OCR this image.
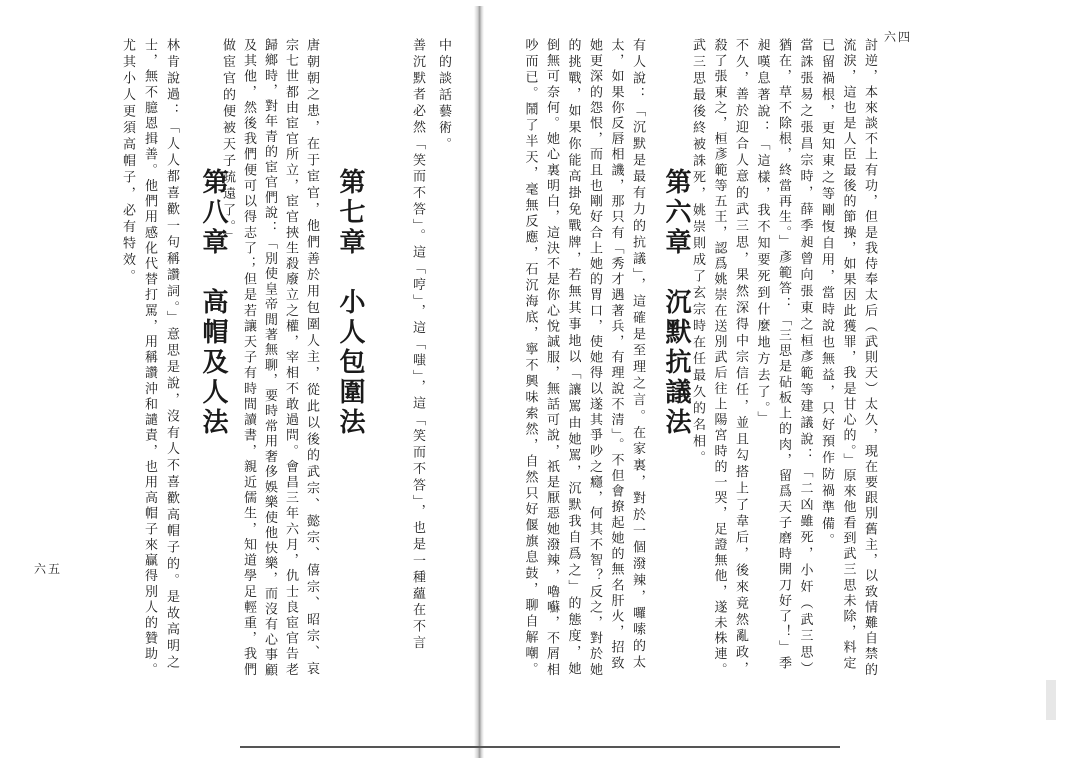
六四
討逆，本來談不上有功，但是我侍奉太后（武則天）太久，現在要跟別舊主，以致情難自禁的
流淚，這也是人臣最後的節操，如果因此獲罪，我是甘心的。」原來他看到武三思未除，料定
已留禍根，更知東之等剛愎自用，當時說也無益，只好預作防禍準備。
當誅張易之張昌宗時，薛季昶曾向張東之桓彥範等建議說：「二凶雖死，小奸（武三思）
猶在，草不除根，終當再生。」彥範答：「三思是砧板上的肉，留爲天子磨時開刀好了！」季
昶嘆息著說：「這樣，我不知要死到什麼地方去了。」
不久，善於迎合人意的武三思，果然深得中宗信任，並且勾搭上了韋后，後來竟然亂政，
殺了張東之，桓彥範等五王，認爲姚崇在送別武后往上陽宮時的一哭，足證無他，遂未株連。
武三思最後終被誅死，姚崇則成了玄宗時在任最久的名相。
第六章　沉默抗議法
有人說：「沉默是最有力的抗議」，這確是至理之言。在家裏，對於一個潑辣，囉嗦的太
太，如果你反唇相譏，那只有「秀才遇著兵，有理說不清」。不但會撩起她的無名肝火，招致
她更深的怨恨，而且也剛好合上她的胃口，使她得以遂其爭吵之癮，何其不智？反之，對於她
的挑戰，如果你能高掛免戰牌，若無其事地以「讓罵由她罵，沉默我自爲之」的態度，她
倒無可奈何。她心裏明白，這決不是你心悅誠服，無話可說，祇是厭惡她潑辣，嚕囌，不屑相
吵而已。鬧了半天，毫無反應，石沉海底，寧不興味索然，自然只好偃旗息鼓，聊自解嘲。
六五
中的談話藝術。
善沉默者必然「笑而不答」。這「哼」，這「嗤」，這「笑而不答」，也是一種蘊在不言
第七章　小人包圍法
唐朝朝之患，在于宦官，他們善於用包圍人主，從此以後的武宗、懿宗、僖宗、昭宗、哀
宗七世都由宦官所立，宦官挾生殺廢立之權，宰相不敢過問。會昌三年六月，仇士良宦官告老
歸鄉時，對年青的宦官們說：「別使皇帝閒著無聊，要時常用奢侈娛樂使他快樂，而沒有心事顧
及其他，然後我們便可以得志了；但是若讓天子有時間讀書，親近儒生，知道學足輕重，我們
做宦官的便被天子疏遠了。」
第八章　高帽及人法
林肯說過：「人人都喜歡一句稱讚詞。」意思是說，沒有人不喜歡高帽子的。是故高明之
士，無不臆恩揖善。他們用感化代替打罵，用稱讚沖和譴責，也用高帽子來贏得別人的贊助。
尤其小人更須高帽子，必有特效。
